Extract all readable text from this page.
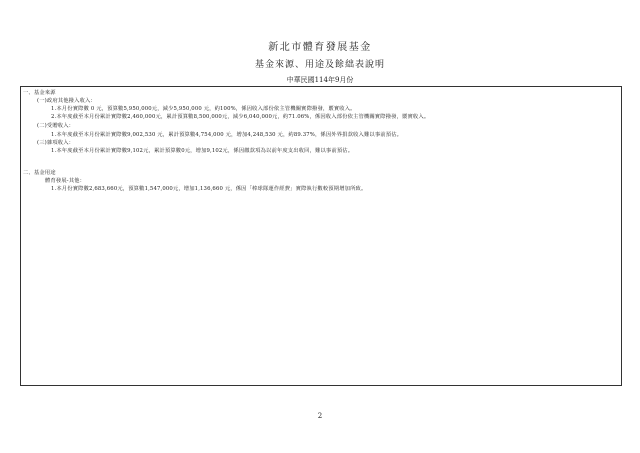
新北市體育發展基金
基金來源、用途及餘絀表說明
中華民國114年9月份
一、基金來源
(一)政府其他撥入收入：
1.本月份實際數 0 元，預算數5,950,000元，減少5,950,000 元，約100%，係因收入部份依主管機關實際撥發，覈實收入。
2.本年度截至本月份累計實際數2,460,000元，累計預算數8,500,000元，減少6,040,000元，約71.06%，係因收入部份依主管機關實際撥發，覈實收入。
(二)受贈收入：
1.本年度截至本月份累計實際數9,002,530 元，累計預算數4,754,000 元，增加4,248,530 元，約89.37%，係因外界捐款收入難以事前預估。
(三)雜項收入：
1.本年度截至本月份累計實際數9,102元，累計預算數0元，增加9,102元，係因繳款項為以前年度支出收回，難以事前預估。
二、基金用途
體育發展-其他：
1.本月份實際數2,683,660元，預算數1,547,000元，增加1,136,660 元，係因「棒球隊運作經費」實際執行數較預期增加所致。
2
